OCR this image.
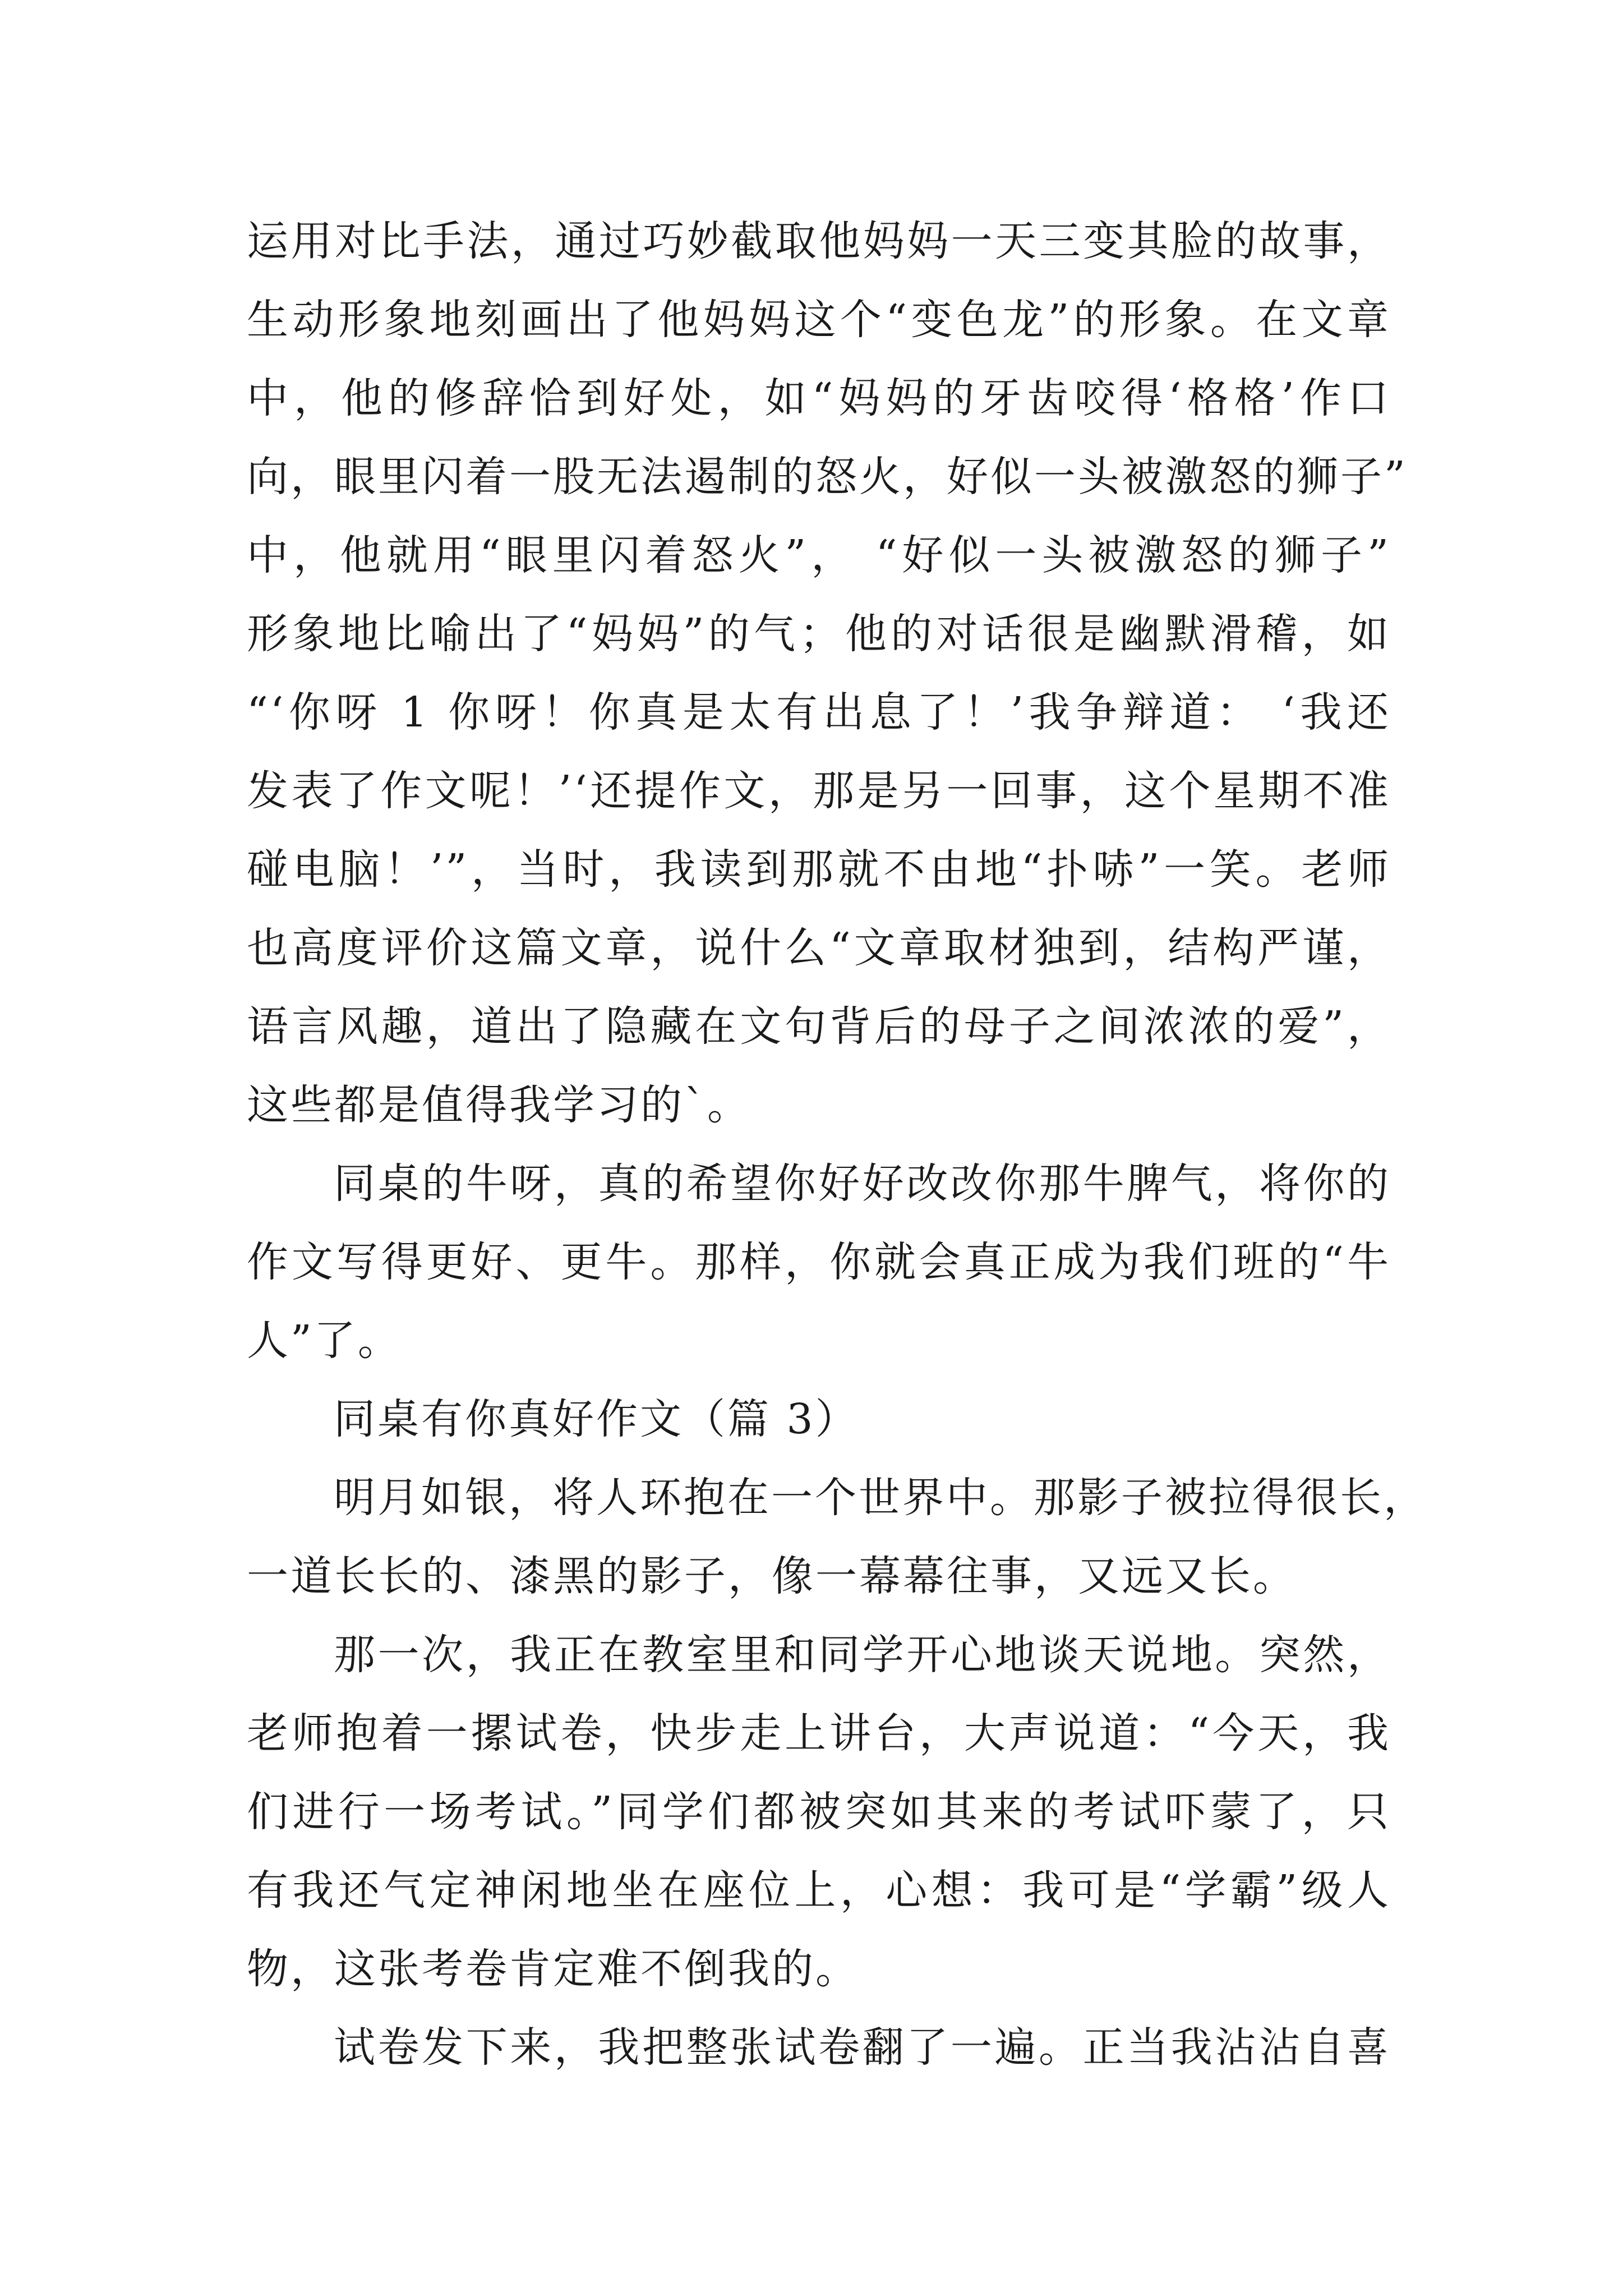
运用对比手法，通过巧妙截取他妈妈一天三变其脸的故事，
生动形象地刻画出了他妈妈这个“变色龙”的形象。在文章
中，他的修辞恰到好处，如“妈妈的牙齿咬得‘格格’作口
向，眼里闪着一股无法遏制的怒火，好似一头被激怒的狮子”
中，他就用“眼里闪着怒火”， “好似一头被激怒的狮子”
形象地比喻出了“妈妈”的气；他的对话很是幽默滑稽，如
“‘你呀 1 你呀！你真是太有出息了！’我争辩道： ‘我还
发表了作文呢！’‘还提作文，那是另一回事，这个星期不准
碰电脑！’”，当时，我读到那就不由地“扑哧”一笑。老师
也高度评价这篇文章，说什么“文章取材独到，结构严谨，
语言风趣，道出了隐藏在文句背后的母子之间浓浓的爱”，
这些都是值得我学习的`。
同桌的牛呀，真的希望你好好改改你那牛脾气，将你的
作文写得更好、更牛。那样，你就会真正成为我们班的“牛
人”了。
同桌有你真好作文（篇 3）
明月如银，将人环抱在一个世界中。那影子被拉得很长，
一道长长的、漆黑的影子，像一幕幕往事，又远又长。
那一次，我正在教室里和同学开心地谈天说地。突然，
老师抱着一摞试卷，快步走上讲台，大声说道：“今天，我
们进行一场考试。”同学们都被突如其来的考试吓蒙了，只
有我还气定神闲地坐在座位上，心想：我可是“学霸”级人
物，这张考卷肯定难不倒我的。
试卷发下来，我把整张试卷翻了一遍。正当我沾沾自喜
